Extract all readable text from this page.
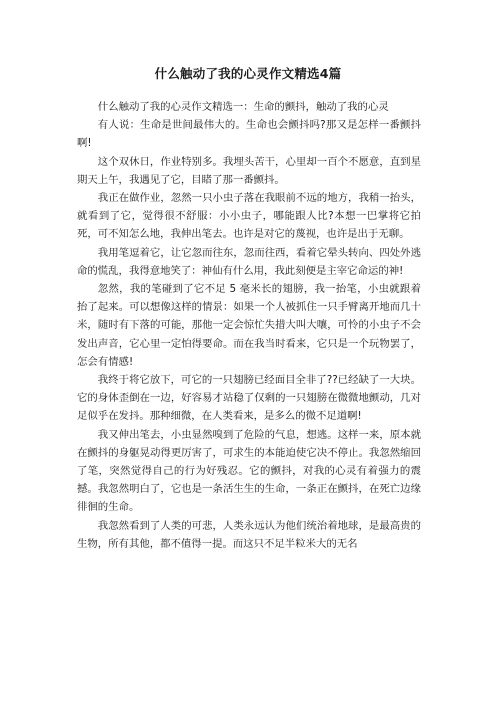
什么触动了我的心灵作文精选4篇

什么触动了我的心灵作文精选一：生命的颤抖，触动了我的心灵

有人说：生命是世间最伟大的。生命也会颤抖吗?那又是怎样一番颤抖啊!

这个双休日，作业特别多。我埋头苦干，心里却一百个不愿意，直到星期天上午，我遇见了它，目睹了那一番颤抖。

我正在做作业，忽然一只小虫子落在我眼前不远的地方，我稍一抬头，就看到了它，觉得很不舒服：小小虫子，哪能跟人比?本想一巴掌将它拍死，可不知怎么地，我伸出笔去。也许是对它的蔑视，也许是出于无聊。

我用笔逗着它，让它忽而往东，忽而往西，看着它晕头转向、四处外逃命的慌乱，我得意地笑了：神仙有什么用，我此刻便是主宰它命运的神!

忽然，我的笔碰到了它不足 5 毫米长的翅膀，我一抬笔，小虫就跟着抬了起来。可以想像这样的情景：如果一个人被抓住一只手臂离开地而几十米，随时有下落的可能，那他一定会惊忙失措大叫大嚷，可怜的小虫子不会发出声音，它心里一定怕得要命。而在我当时看来，它只是一个玩物罢了，怎会有情感!

我终于将它放下，可它的一只翅膀已经面目全非了??已经缺了一大块。它的身体歪倒在一边，好容易才站稳了仅剩的一只翅膀在微微地颤动，几对足似乎在发抖。那种细微，在人类看来，是多么的微不足道啊!

我又伸出笔去，小虫显然嗅到了危险的气息，想逃。这样一来，原本就在颤抖的身躯晃动得更厉害了，可求生的本能迫使它决不停止。我忽然缩回了笔，突然觉得自己的行为好残忍。它的颤抖，对我的心灵有着强力的震撼。我忽然明白了，它也是一条活生生的生命，一条正在颤抖，在死亡边缘徘徊的生命。

我忽然看到了人类的可悲，人类永远认为他们统治着地球，是最高贵的生物，所有其他，都不值得一提。而这只不足半粒米大的无名
